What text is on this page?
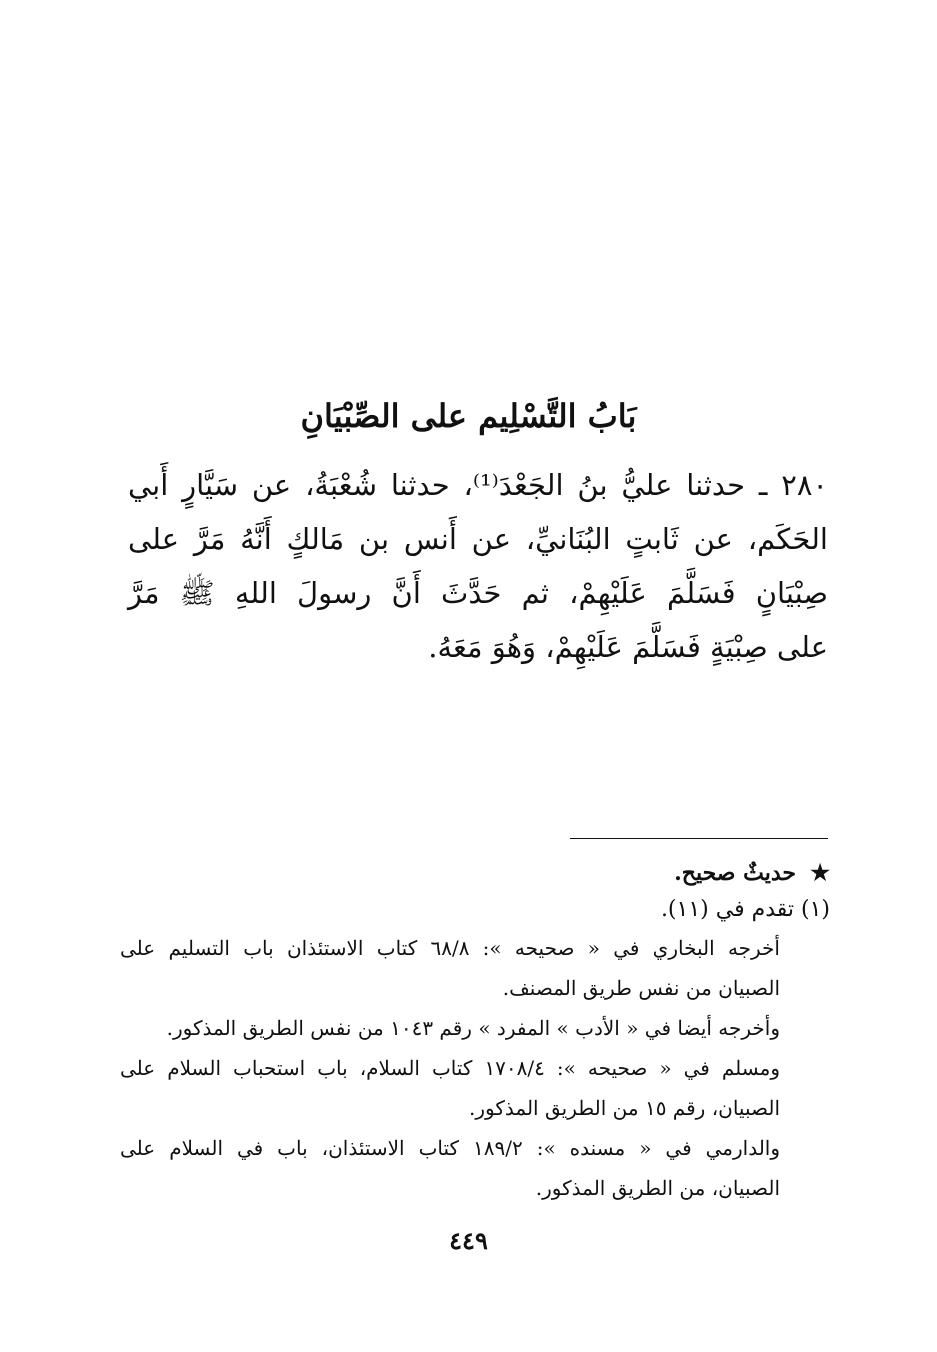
بَابُ التَّسْلِيم على الصِّبْيَانِ
٢٨٠ ـ حدثنا عليُّ بنُ الجَعْدَ⁽¹⁾، حدثنا شُعْبَةُ، عن سَيَّارٍ أَبي
الحَكَم، عن ثَابتٍ البُنَانيِّ، عن أَنس بن مَالكٍ أَنَّهُ مَرَّ على
صِبْيَانٍ فَسَلَّمَ عَلَيْهِمْ، ثم حَدَّثَ أَنَّ رسولَ اللهِ ﷺ مَرَّ
على صِبْيَةٍ فَسَلَّمَ عَلَيْهِمْ، وَهُوَ مَعَهُ.
★حديثٌ صحيح.
(١) تقدم في (١١).
أخرجه البخاري في « صحيحه »: ٦٨/٨ كتاب الاستئذان باب التسليم على
الصبيان من نفس طريق المصنف.
وأخرجه أيضا في « الأدب » المفرد » رقم ١٠٤٣ من نفس الطريق المذكور.
ومسلم في « صحيحه »: ١٧٠٨/٤ كتاب السلام، باب استحباب السلام على
الصبيان، رقم ١٥ من الطريق المذكور.
والدارمي في « مسنده »: ١٨٩/٢ كتاب الاستئذان، باب في السلام على
الصبيان، من الطريق المذكور.
٤٤٩
